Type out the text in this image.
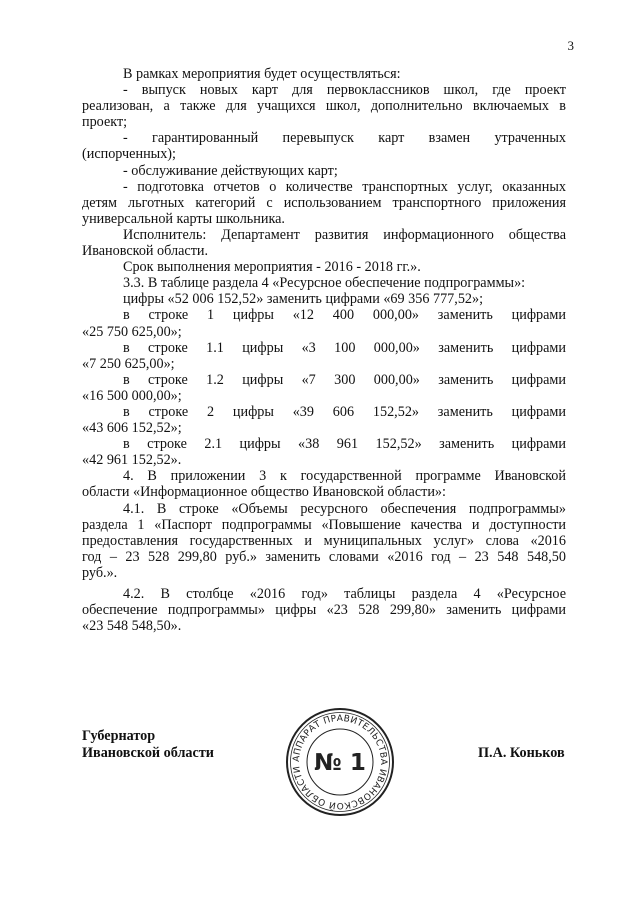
3
В рамках мероприятия будет осуществляться:
- выпуск новых карт для первоклассников школ, где проект
реализован, а также для учащихся школ, дополнительно включаемых в
проект;
- гарантированный перевыпуск карт взамен утраченных
(испорченных);
- обслуживание действующих карт;
- подготовка отчетов о количестве транспортных услуг, оказанных
детям льготных категорий с использованием транспортного приложения
универсальной карты школьника.
Исполнитель: Департамент развития информационного общества
Ивановской области.
Срок выполнения мероприятия - 2016 - 2018 гг.».
3.3. В таблице раздела 4 «Ресурсное обеспечение подпрограммы»:
цифры «52 006 152,52» заменить цифрами «69 356 777,52»;
в строке 1 цифры «12 400 000,00» заменить цифрами
«25 750 625,00»;
в строке 1.1 цифры «3 100 000,00» заменить цифрами
«7 250 625,00»;
в строке 1.2 цифры «7 300 000,00» заменить цифрами
«16 500 000,00»;
в строке 2 цифры «39 606 152,52» заменить цифрами
«43 606 152,52»;
в строке 2.1 цифры «38 961 152,52» заменить цифрами
«42 961 152,52».
4. В приложении 3 к государственной программе Ивановской
области «Информационное общество Ивановской области»:
4.1. В строке «Объемы ресурсного обеспечения подпрограммы»
раздела 1 «Паспорт подпрограммы «Повышение качества и доступности
предоставления государственных и муниципальных услуг» слова «2016
год – 23 528 299,80 руб.» заменить словами «2016 год – 23 548 548,50
руб.».
4.2. В столбце «2016 год» таблицы раздела 4 «Ресурсное
обеспечение подпрограммы» цифры «23 528 299,80» заменить цифрами
«23 548 548,50».
Губернатор
Ивановской области	АППАРАТ ПРАВИТЕЛЬСТВА ИВАНОВСКОЙ ОБЛАСТИ № 1	П.А. Коньков
